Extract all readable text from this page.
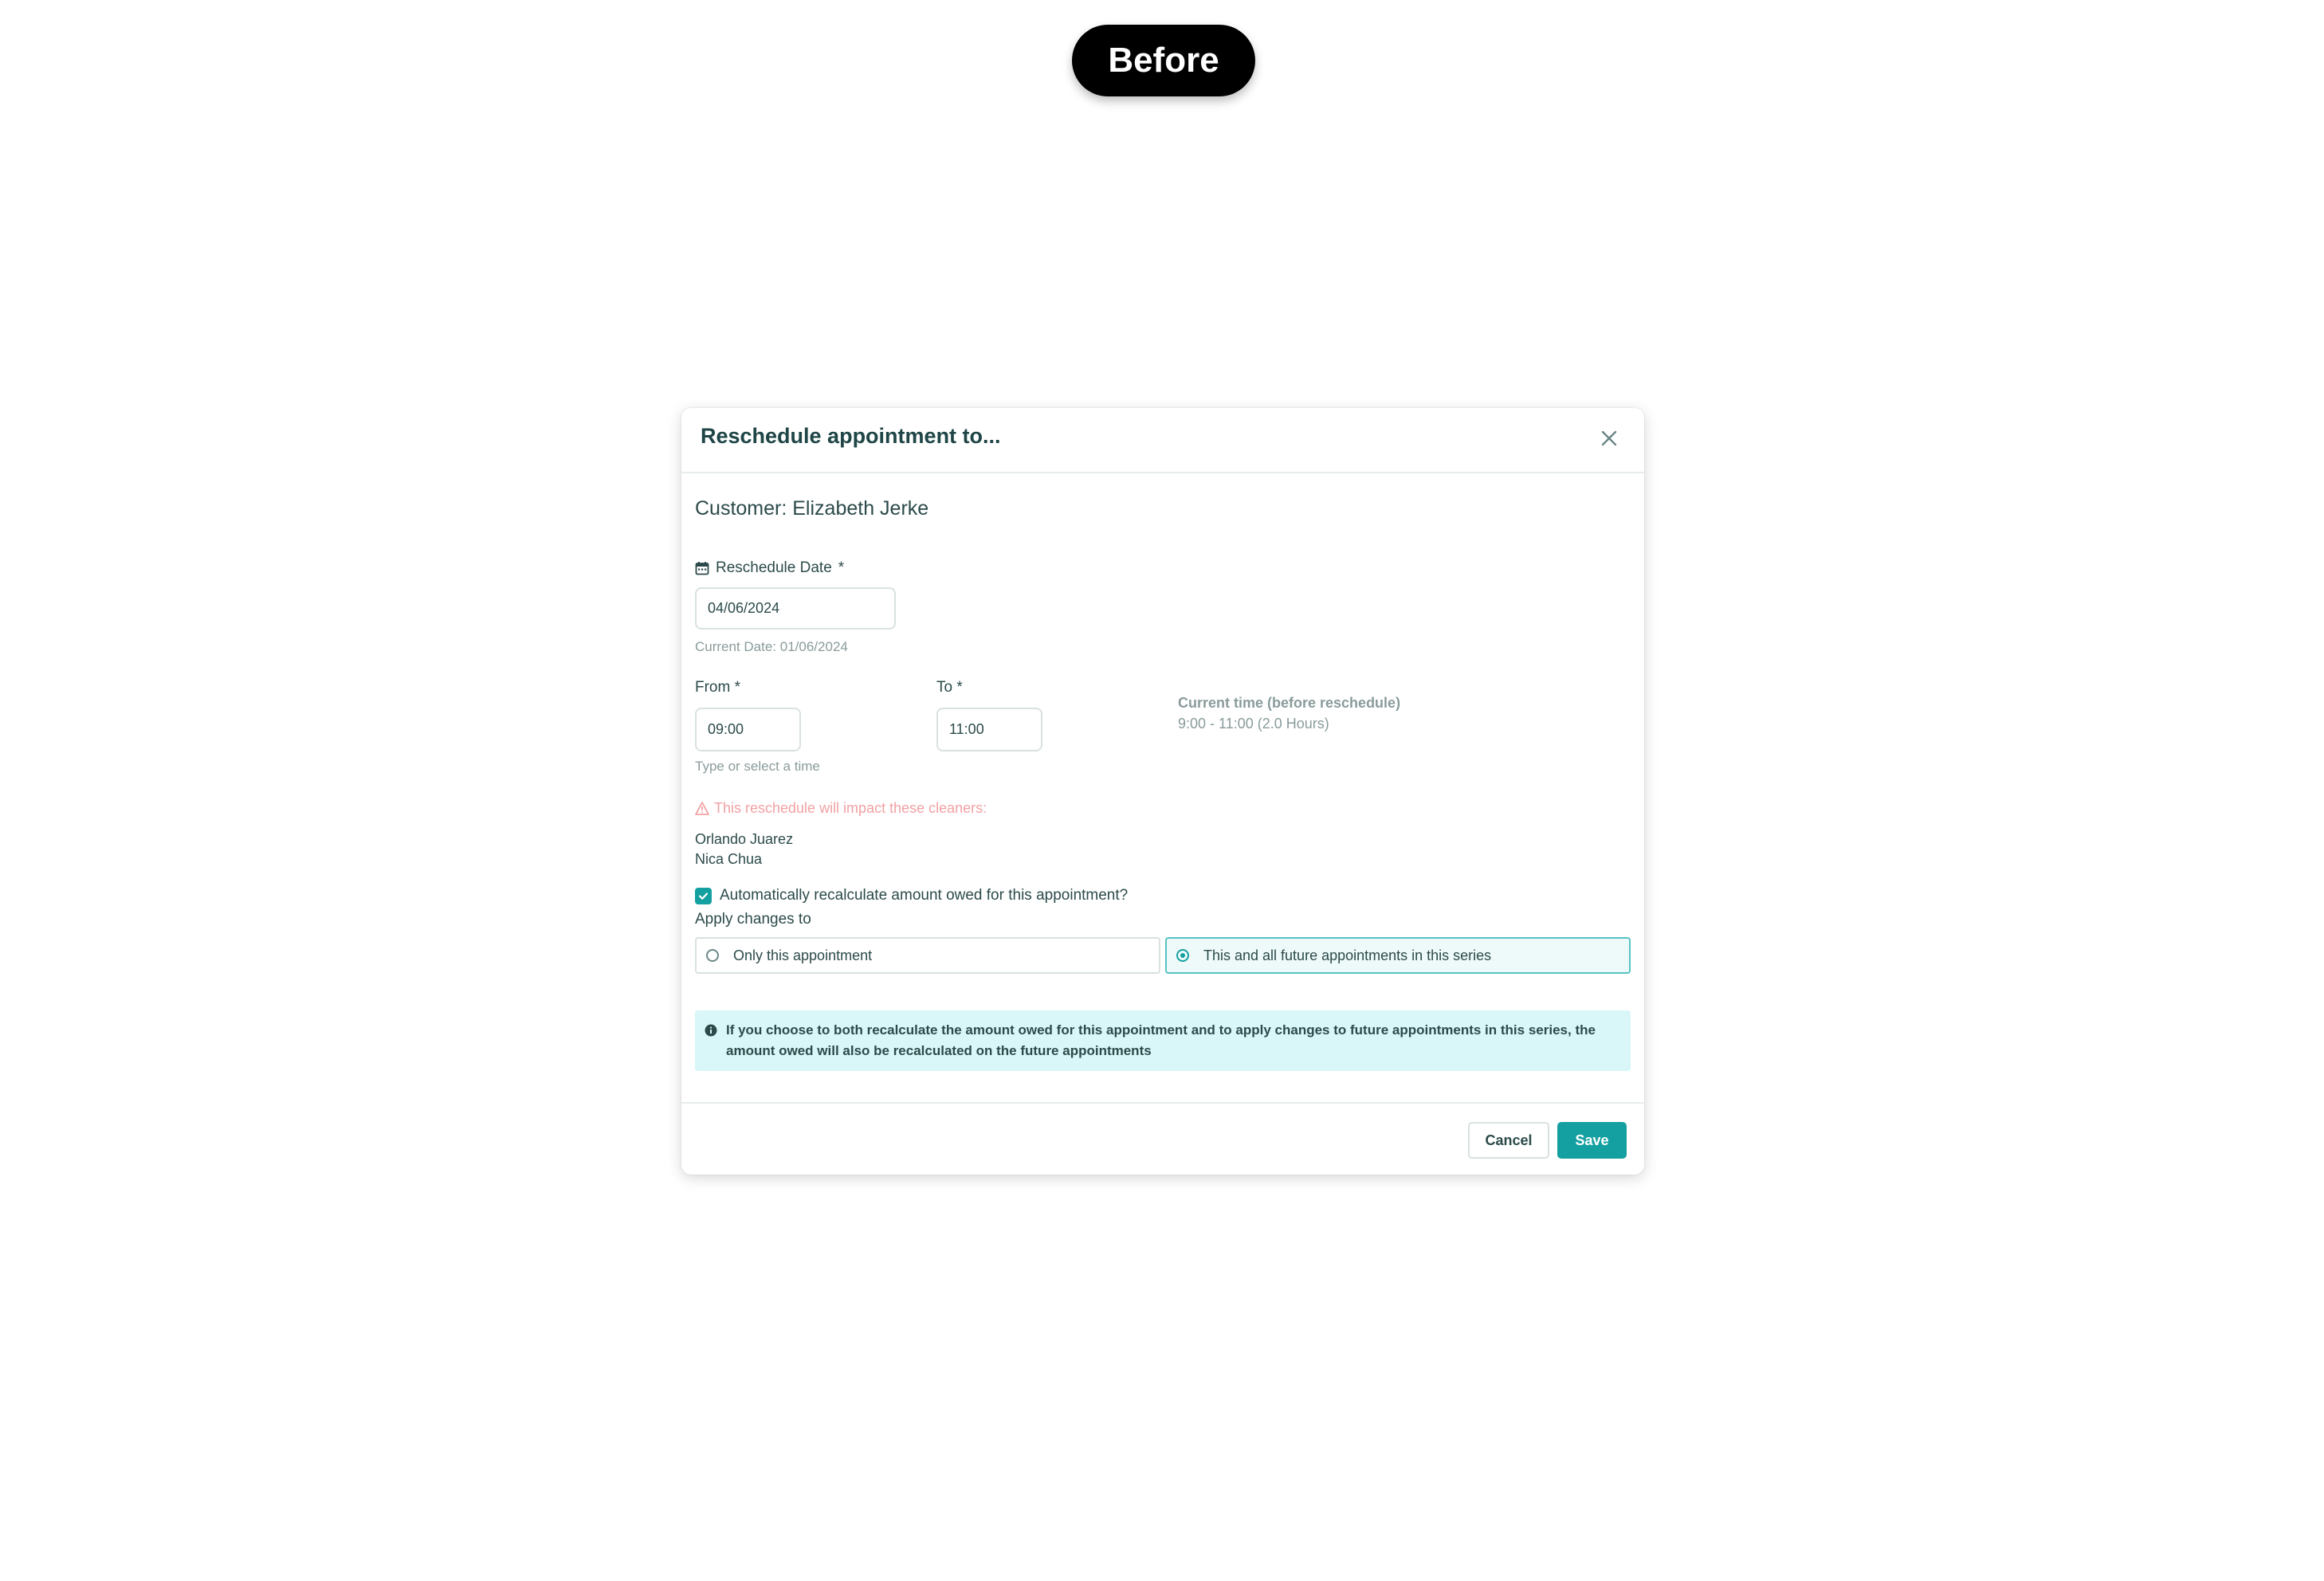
Before
Reschedule appointment to...
Customer: Elizabeth Jerke
Reschedule Date *
04/06/2024
Current Date: 01/06/2024
From *
09:00	To *
11:00
Current time (before reschedule)
9:00 - 11:00 (2.0 Hours)
Type or select a time
This reschedule will impact these cleaners:
Orlando Juarez
Nica Chua
Automatically recalculate amount owed for this appointment?
Apply changes to
Only this appointment	This and all future appointments in this series
If you choose to both recalculate the amount owed for this appointment and to apply changes to future appointments in this series, the amount owed will also be recalculated on the future appointments
Cancel	Save
